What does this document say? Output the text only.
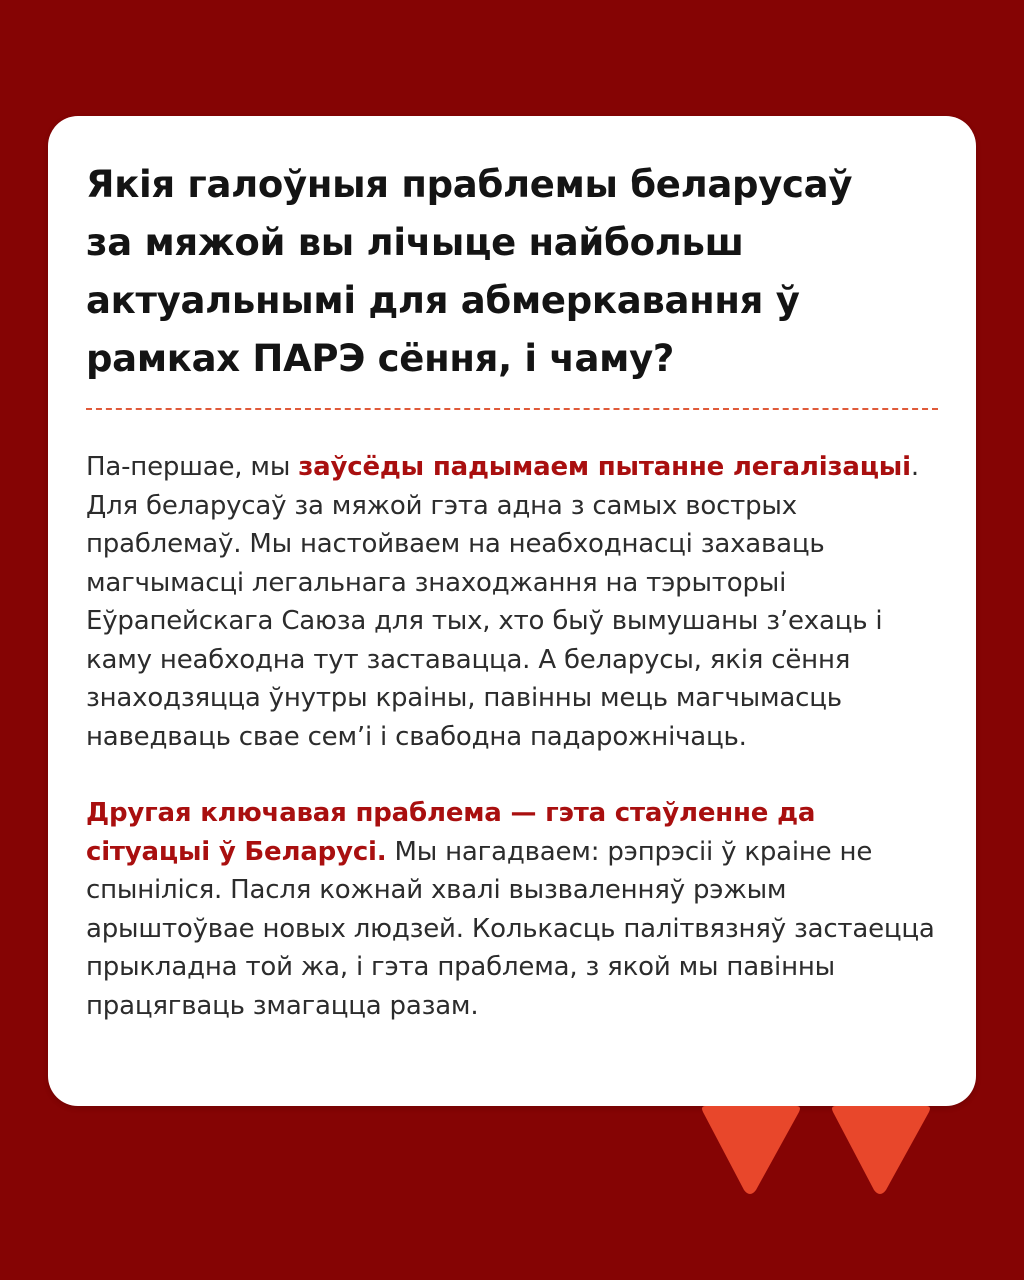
Якія галоўныя праблемы беларусаў за мяжой вы лічыце найбольш актуальнымі для абмеркавання ў рамках ПАРЭ сёння, і чаму?

Па-першае, мы заўсёды падымаем пытанне легалізацыі. Для беларусаў за мяжой гэта адна з самых вострых праблемаў. Мы настойваем на неабходнасці захаваць магчымасці легальнага знаходжання на тэрыторыі Еўрапейскага Саюза для тых, хто быў вымушаны з’ехаць і каму неабходна тут заставацца. А беларусы, якія сёння знаходзяцца ўнутры краіны, павінны мець магчымасць наведваць свае сем’і і свабодна падарожнічаць.

Другая ключавая праблема — гэта стаўленне да сітуацыі ў Беларусі. Мы нагадваем: рэпрэсіі ў краіне не спыніліся. Пасля кожнай хвалі вызваленняў рэжым арыштоўвае новых людзей. Колькасць палітвязняў застаецца прыкладна той жа, і гэта праблема, з якой мы павінны працягваць змагацца разам.
